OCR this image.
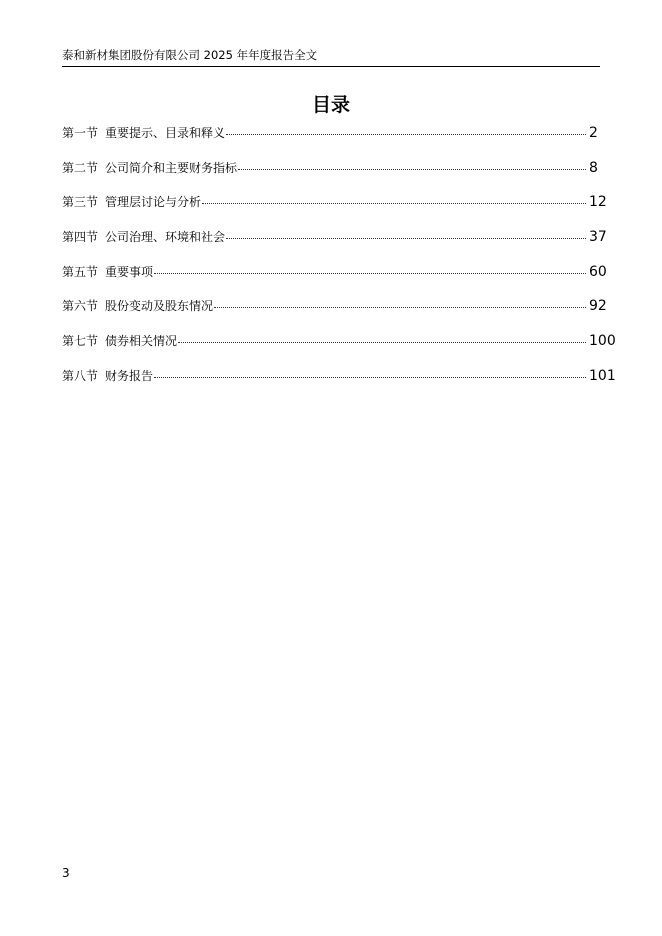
泰和新材集团股份有限公司 2025 年年度报告全文
目录
第一节 重要提示、目录和释义	2
第二节 公司简介和主要财务指标	8
第三节 管理层讨论与分析	12
第四节 公司治理、环境和社会	37
第五节 重要事项	60
第六节 股份变动及股东情况	92
第七节 债券相关情况	100
第八节 财务报告	101
3
